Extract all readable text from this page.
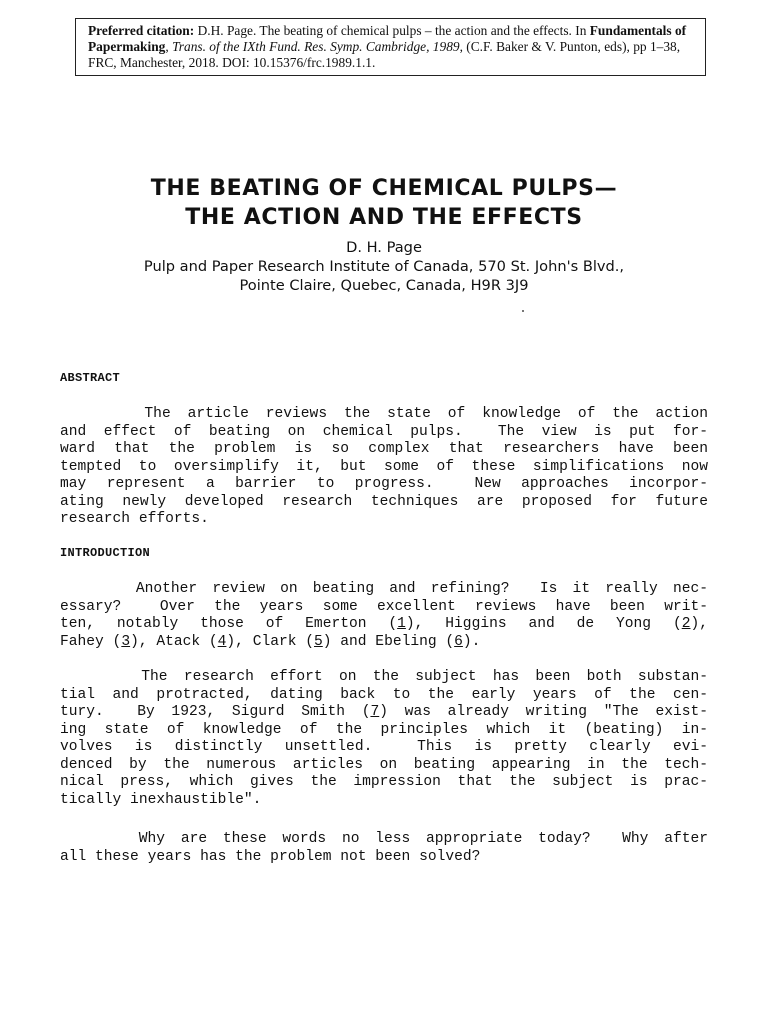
Preferred citation: D.H. Page. The beating of chemical pulps – the action and the effects. In Fundamentals of Papermaking, Trans. of the IXth Fund. Res. Symp. Cambridge, 1989, (C.F. Baker & V. Punton, eds), pp 1–38, FRC, Manchester, 2018. DOI: 10.15376/frc.1989.1.1.
THE BEATING OF CHEMICAL PULPS—
THE ACTION AND THE EFFECTS
D. H. Page
Pulp and Paper Research Institute of Canada, 570 St. John's Blvd.,
Pointe Claire, Quebec, Canada, H9R 3J9
ABSTRACT
The article reviews the state of knowledge of the action
and effect of beating on chemical pulps.  The view is put for-
ward that the problem is so complex that researchers have been
tempted to oversimplify it, but some of these simplifications now
may represent a barrier to progress.  New approaches incorpor-
ating newly developed research techniques are proposed for future
research efforts.
INTRODUCTION
Another review on beating and refining?  Is it really nec-
essary?  Over the years some excellent reviews have been writ-
ten, notably those of Emerton (1), Higgins and de Yong (2),
Fahey (3), Atack (4), Clark (5) and Ebeling (6).
The research effort on the subject has been both substan-
tial and protracted, dating back to the early years of the cen-
tury.  By 1923, Sigurd Smith (7) was already writing "The exist-
ing state of knowledge of the principles which it (beating) in-
volves is distinctly unsettled.  This is pretty clearly evi-
denced by the numerous articles on beating appearing in the tech-
nical press, which gives the impression that the subject is prac-
tically inexhaustible".
Why are these words no less appropriate today?  Why after
all these years has the problem not been solved?
